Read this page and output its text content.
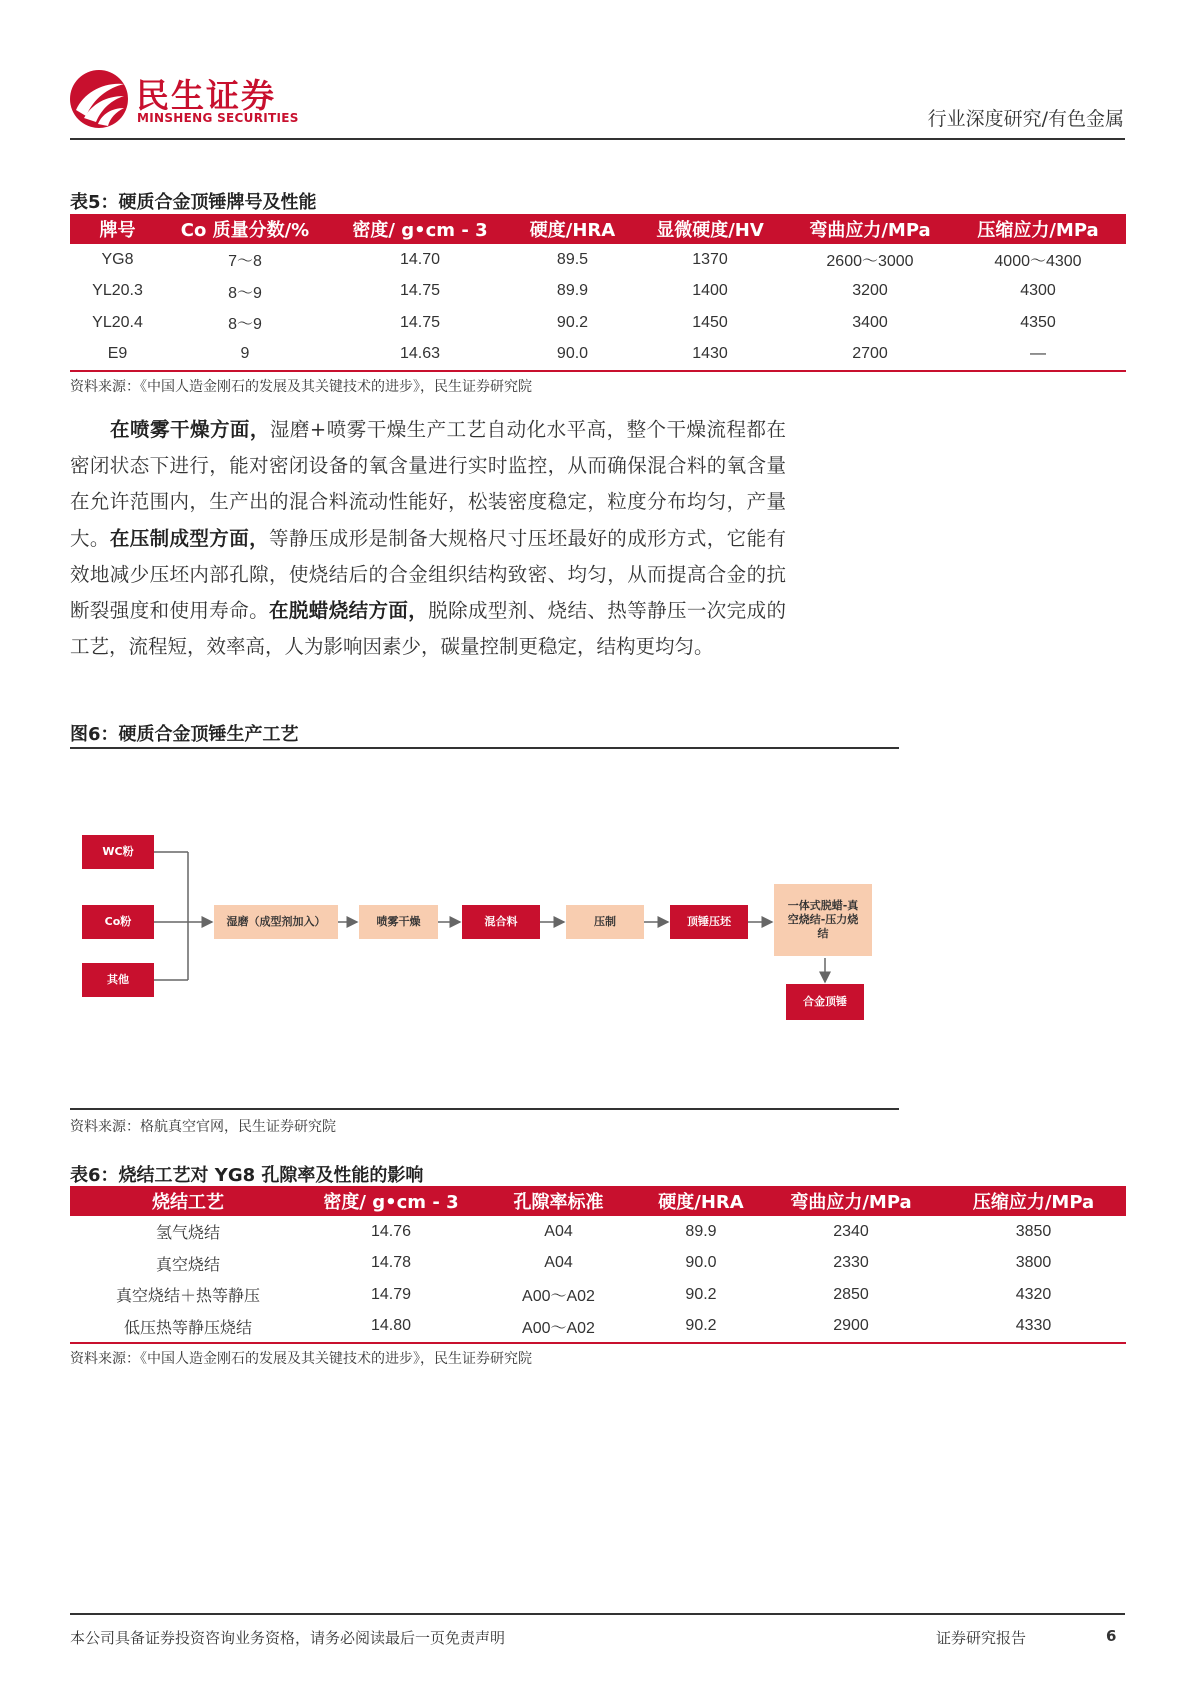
民生证券
MINSHENG SECURITIES	行业深度研究/有色金属
表5：硬质合金顶锤牌号及性能
牌号	Co 质量分数/%	密度/ g•cm - 3	硬度/HRA	显微硬度/HV	弯曲应力/MPa	压缩应力/MPa
YG8	7～8	14.70	89.5	1370	2600～3000	4000～4300
YL20.3	8～9	14.75	89.9	1400	3200	4300
YL20.4	8～9	14.75	90.2	1450	3400	4350
E9	9	14.63	90.0	1430	2700	—
资料来源：《中国人造金刚石的发展及其关键技术的进步》，民生证券研究院
在喷雾干燥方面，湿磨+喷雾干燥生产工艺自动化水平高，整个干燥流程都在密闭状态下进行，能对密闭设备的氧含量进行实时监控，从而确保混合料的氧含量在允许范围内，生产出的混合料流动性能好，松装密度稳定，粒度分布均匀，产量大。在压制成型方面，等静压成形是制备大规格尺寸压坯最好的成形方式，它能有效地减少压坯内部孔隙，使烧结后的合金组织结构致密、均匀，从而提高合金的抗断裂强度和使用寿命。在脱蜡烧结方面，脱除成型剂、烧结、热等静压一次完成的工艺，流程短，效率高，人为影响因素少，碳量控制更稳定，结构更均匀。
图6：硬质合金顶锤生产工艺
WC粉
Co粉
其他
湿磨（成型剂加入）	喷雾干燥	混合料	压制	顶锤压坯
一体式脱蜡-真空烧结-压力烧结
合金顶锤
资料来源：格航真空官网，民生证券研究院
表6：烧结工艺对 YG8 孔隙率及性能的影响
烧结工艺	密度/ g•cm - 3	孔隙率标准	硬度/HRA	弯曲应力/MPa	压缩应力/MPa
氢气烧结	14.76	A04	89.9	2340	3850
真空烧结	14.78	A04	90.0	2330	3800
真空烧结＋热等静压	14.79	A00～A02	90.2	2850	4320
低压热等静压烧结	14.80	A00～A02	90.2	2900	4330
资料来源：《中国人造金刚石的发展及其关键技术的进步》，民生证券研究院
本公司具备证券投资咨询业务资格，请务必阅读最后一页免责声明	证券研究报告	6
